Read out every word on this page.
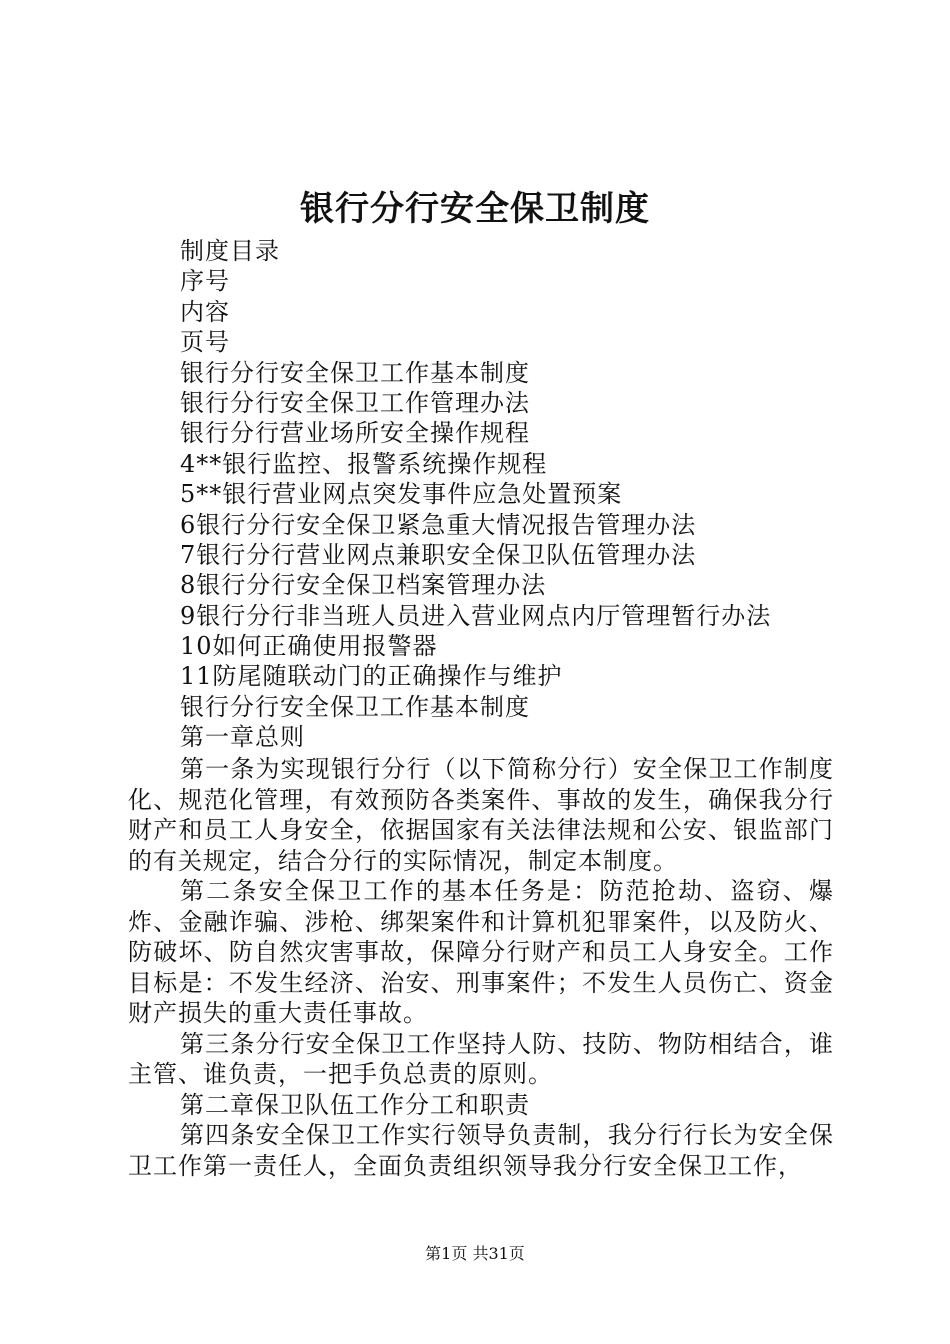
银行分行安全保卫制度
制度目录
序号
内容
页号
银行分行安全保卫工作基本制度
银行分行安全保卫工作管理办法
银行分行营业场所安全操作规程
4**银行监控、报警系统操作规程
5**银行营业网点突发事件应急处置预案
6银行分行安全保卫紧急重大情况报告管理办法
7银行分行营业网点兼职安全保卫队伍管理办法
8银行分行安全保卫档案管理办法
9银行分行非当班人员进入营业网点内厅管理暂行办法
10如何正确使用报警器
11防尾随联动门的正确操作与维护
银行分行安全保卫工作基本制度
第一章总则

第一条为实现银行分行（以下简称分行）安全保卫工作制度化、规范化管理，有效预防各类案件、事故的发生，确保我分行财产和员工人身安全，依据国家有关法律法规和公安、银监部门的有关规定，结合分行的实际情况，制定本制度。

第二条安全保卫工作的基本任务是：防范抢劫、盗窃、爆炸、金融诈骗、涉枪、绑架案件和计算机犯罪案件，以及防火、防破坏、防自然灾害事故，保障分行财产和员工人身安全。工作目标是：不发生经济、治安、刑事案件；不发生人员伤亡、资金财产损失的重大责任事故。

第三条分行安全保卫工作坚持人防、技防、物防相结合，谁主管、谁负责，一把手负总责的原则。

第二章保卫队伍工作分工和职责

第四条安全保卫工作实行领导负责制，我分行行长为安全保卫工作第一责任人，全面负责组织领导我分行安全保卫工作，

第1页 共31页
